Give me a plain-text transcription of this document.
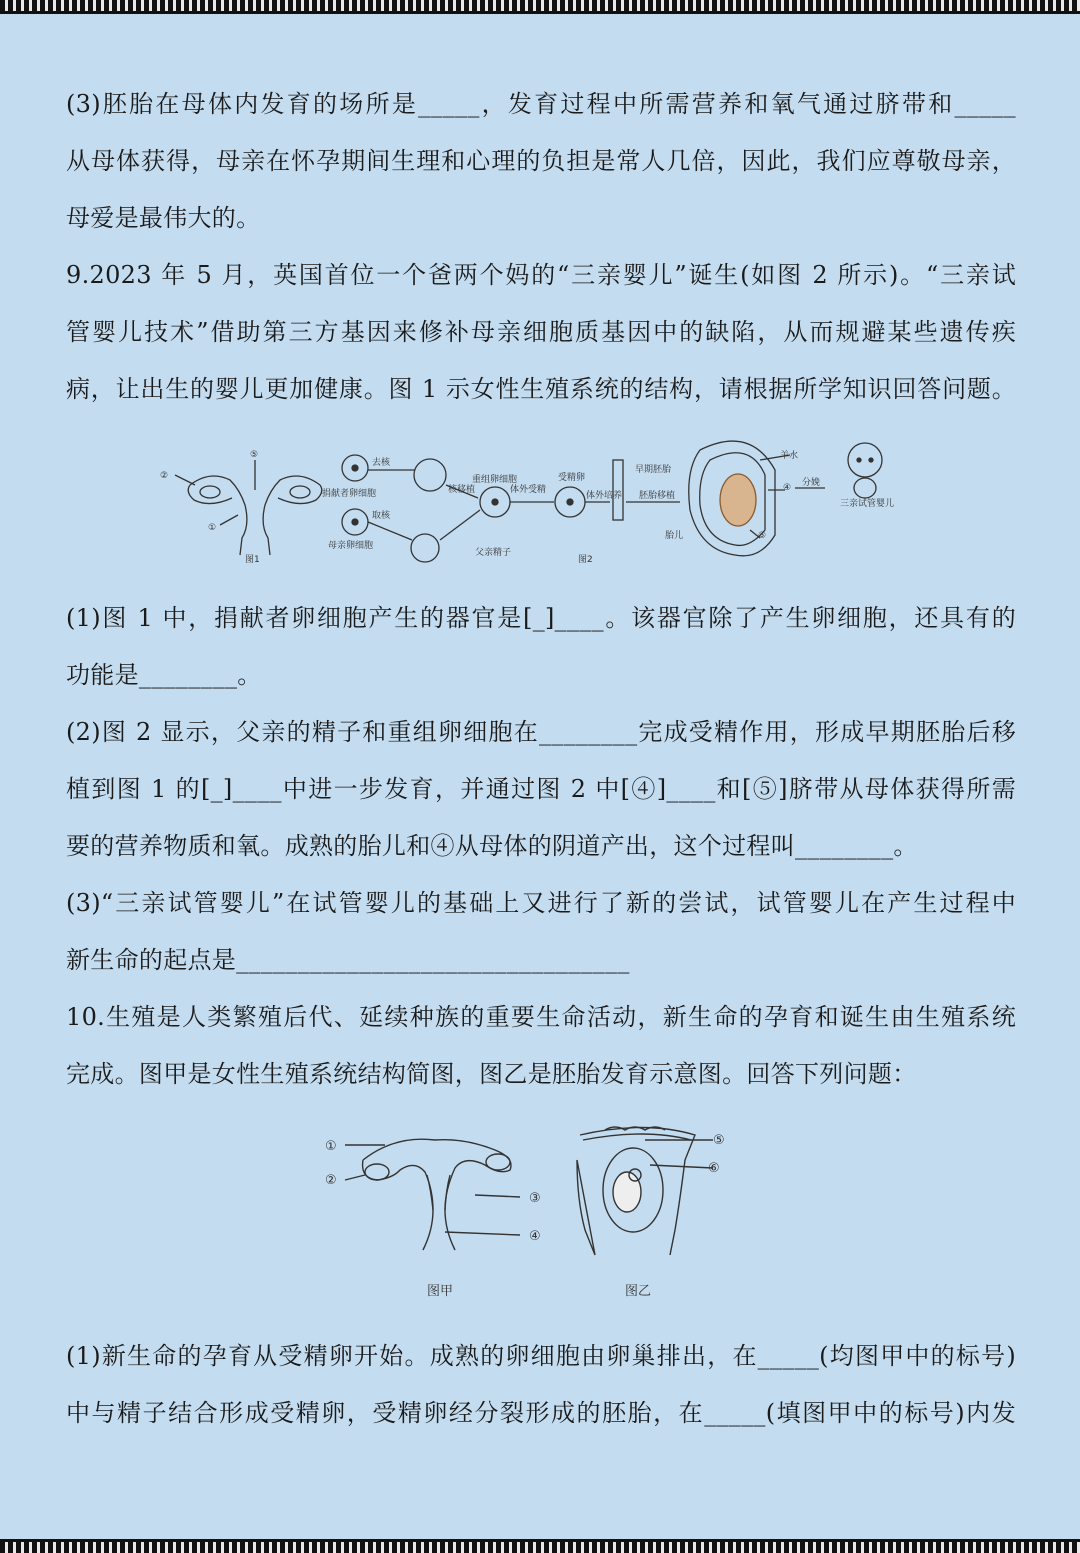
(3)胚胎在母体内发育的场所是_____，发育过程中所需营养和氧气通过脐带和_____
从母体获得，母亲在怀孕期间生理和心理的负担是常人几倍，因此，我们应尊敬母亲，
母爱是最伟大的。
9.2023 年 5 月，英国首位一个爸两个妈的“三亲婴儿”诞生(如图 2 所示)。“三亲试
管婴儿技术”借助第三方基因来修补母亲细胞质基因中的缺陷，从而规避某些遗传疾
病，让出生的婴儿更加健康。图 1 示女性生殖系统的结构，请根据所学知识回答问题。
⑤
②
①
去核
捐献者卵细胞
取核
母亲卵细胞
核移植
重组卵细胞
体外受精
受精卵
早期胚胎
体外培养 胚胎移植
父亲精子
羊水
④ 分娩
三亲试管婴儿
胎儿	⑤
图1	图2
(1)图 1 中，捐献者卵细胞产生的器官是[_]____。该器官除了产生卵细胞，还具有的
功能是________。
(2)图 2 显示，父亲的精子和重组卵细胞在________完成受精作用，形成早期胚胎后移
植到图 1 的[_]____中进一步发育，并通过图 2 中[④]____和[⑤]脐带从母体获得所需
要的营养物质和氧。成熟的胎儿和④从母体的阴道产出，这个过程叫________。
(3)“三亲试管婴儿”在试管婴儿的基础上又进行了新的尝试，试管婴儿在产生过程中
新生命的起点是________________________________
10.生殖是人类繁殖后代、延续种族的重要生命活动，新生命的孕育和诞生由生殖系统
完成。图甲是女性生殖系统结构简图，图乙是胚胎发育示意图。回答下列问题：
①
②
③
④
⑤
⑥
图甲	图乙
(1)新生命的孕育从受精卵开始。成熟的卵细胞由卵巢排出，在_____(均图甲中的标号)
中与精子结合形成受精卵，受精卵经分裂形成的胚胎，在_____(填图甲中的标号)内发
